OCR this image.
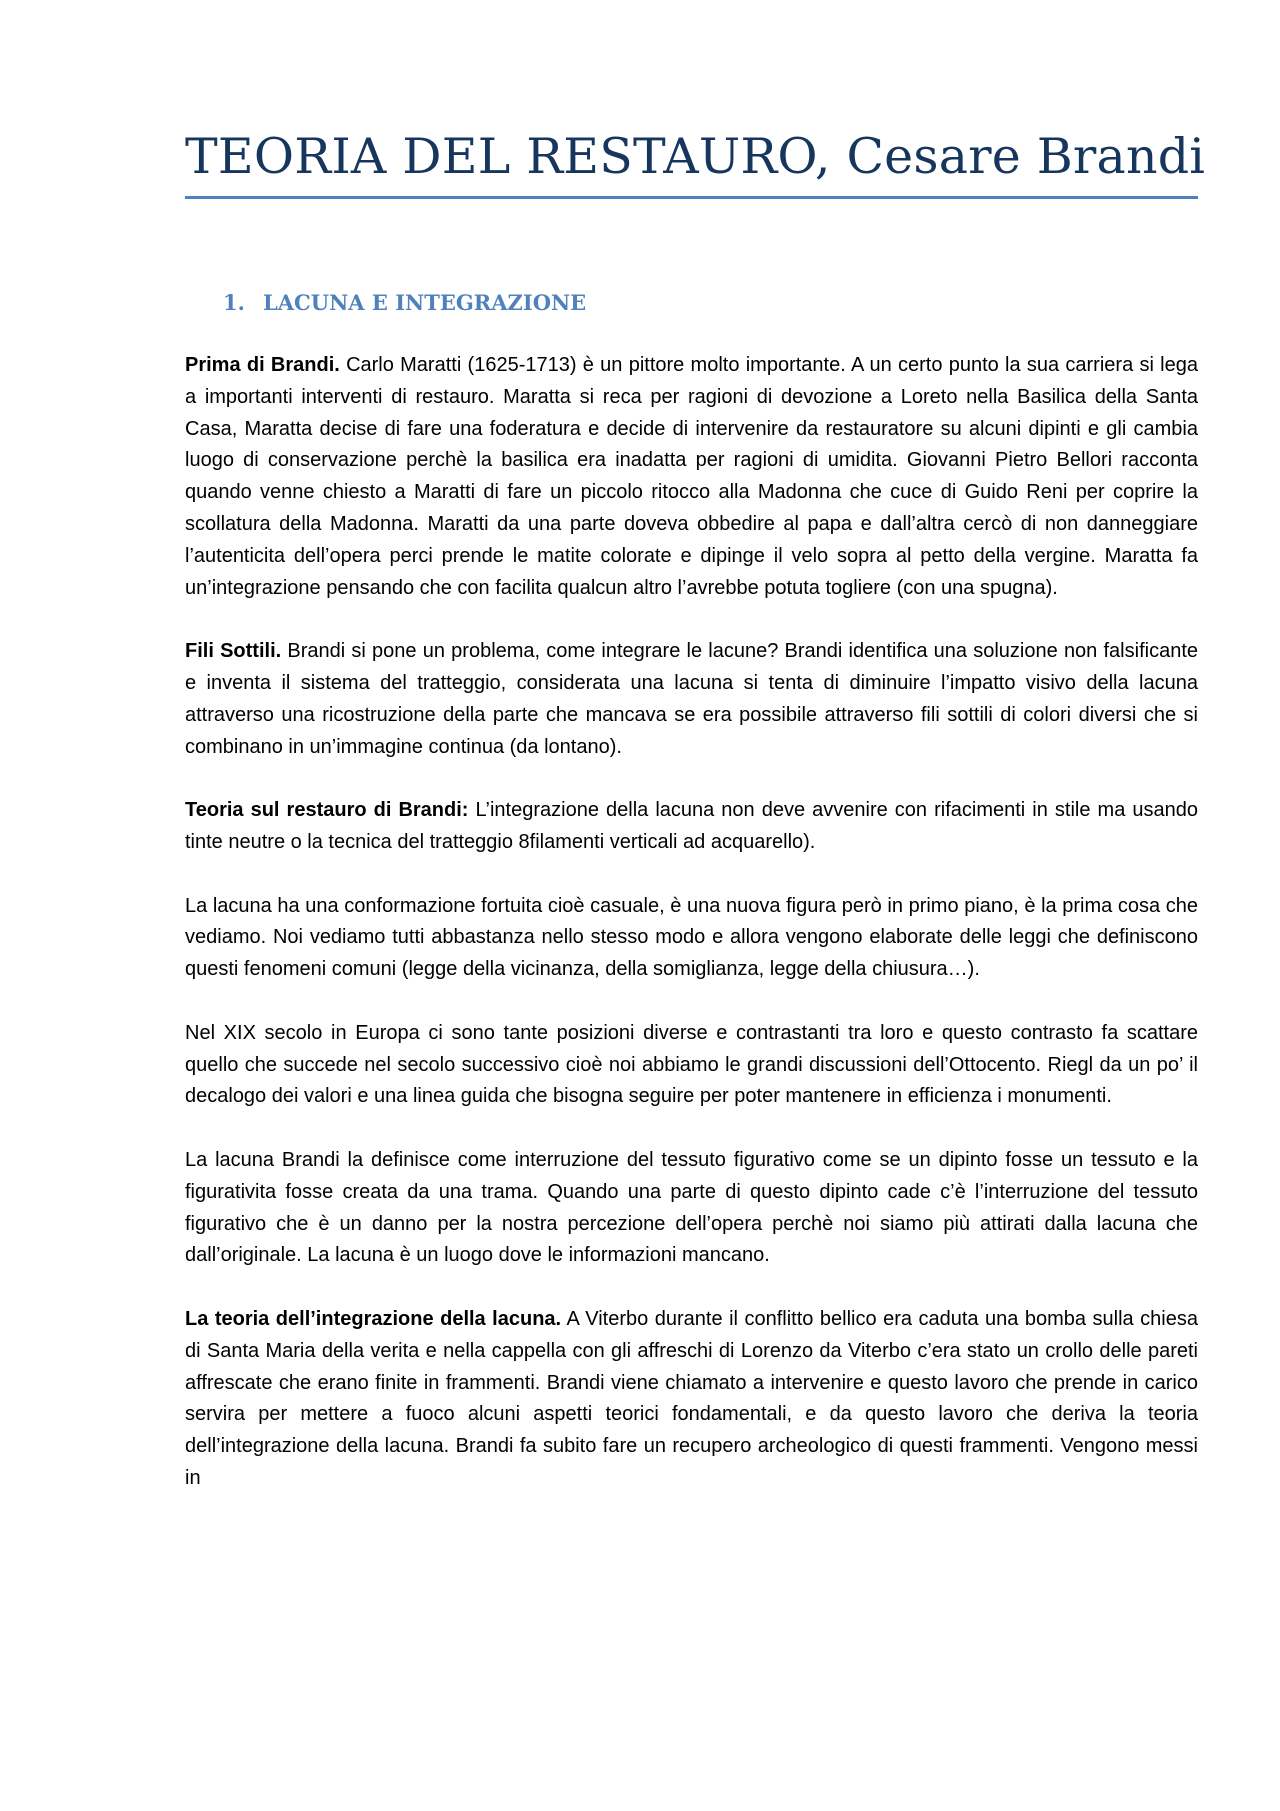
TEORIA DEL RESTAURO, Cesare Brandi
1. LACUNA E INTEGRAZIONE

Prima di Brandi. Carlo Maratti (1625-1713) è un pittore molto importante. A un certo punto la sua carriera si lega a importanti interventi di restauro. Maratta si reca per ragioni di devozione a Loreto nella Basilica della Santa Casa, Maratta decise di fare una foderatura e decide di intervenire da restauratore su alcuni dipinti e gli cambia luogo di conservazione perchè la basilica era inadatta per ragioni di umidita. Giovanni Pietro Bellori racconta quando venne chiesto a Maratti di fare un piccolo ritocco alla Madonna che cuce di Guido Reni per coprire la scollatura della Madonna. Maratti da una parte doveva obbedire al papa e dall’altra cercò di non danneggiare l’autenticita dell’opera perci prende le matite colorate e dipinge il velo sopra al petto della vergine. Maratta fa un’integrazione pensando che con facilita qualcun altro l’avrebbe potuta togliere (con una spugna).

Fili Sottili. Brandi si pone un problema, come integrare le lacune? Brandi identifica una soluzione non falsificante e inventa il sistema del tratteggio, considerata una lacuna si tenta di diminuire l’impatto visivo della lacuna attraverso una ricostruzione della parte che mancava se era possibile attraverso fili sottili di colori diversi che si combinano in un’immagine continua (da lontano).

Teoria sul restauro di Brandi: L’integrazione della lacuna non deve avvenire con rifacimenti in stile ma usando tinte neutre o la tecnica del tratteggio 8filamenti verticali ad acquarello).

La lacuna ha una conformazione fortuita cioè casuale, è una nuova figura però in primo piano, è la prima cosa che vediamo. Noi vediamo tutti abbastanza nello stesso modo e allora vengono elaborate delle leggi che definiscono questi fenomeni comuni (legge della vicinanza, della somiglianza, legge della chiusura…).

Nel XIX secolo in Europa ci sono tante posizioni diverse e contrastanti tra loro e questo contrasto fa scattare quello che succede nel secolo successivo cioè noi abbiamo le grandi discussioni dell’Ottocento. Riegl da un po’ il decalogo dei valori e una linea guida che bisogna seguire per poter mantenere in efficienza i monumenti.

La lacuna Brandi la definisce come interruzione del tessuto figurativo come se un dipinto fosse un tessuto e la figurativita fosse creata da una trama. Quando una parte di questo dipinto cade c’è l’interruzione del tessuto figurativo che è un danno per la nostra percezione dell’opera perchè noi siamo più attirati dalla lacuna che dall’originale. La lacuna è un luogo dove le informazioni mancano.

La teoria dell’integrazione della lacuna. A Viterbo durante il conflitto bellico era caduta una bomba sulla chiesa di Santa Maria della verita e nella cappella con gli affreschi di Lorenzo da Viterbo c’era stato un crollo delle pareti affrescate che erano finite in frammenti. Brandi viene chiamato a intervenire e questo lavoro che prende in carico servira per mettere a fuoco alcuni aspetti teorici fondamentali, e da questo lavoro che deriva la teoria dell’integrazione della lacuna. Brandi fa subito fare un recupero archeologico di questi frammenti. Vengono messi in
